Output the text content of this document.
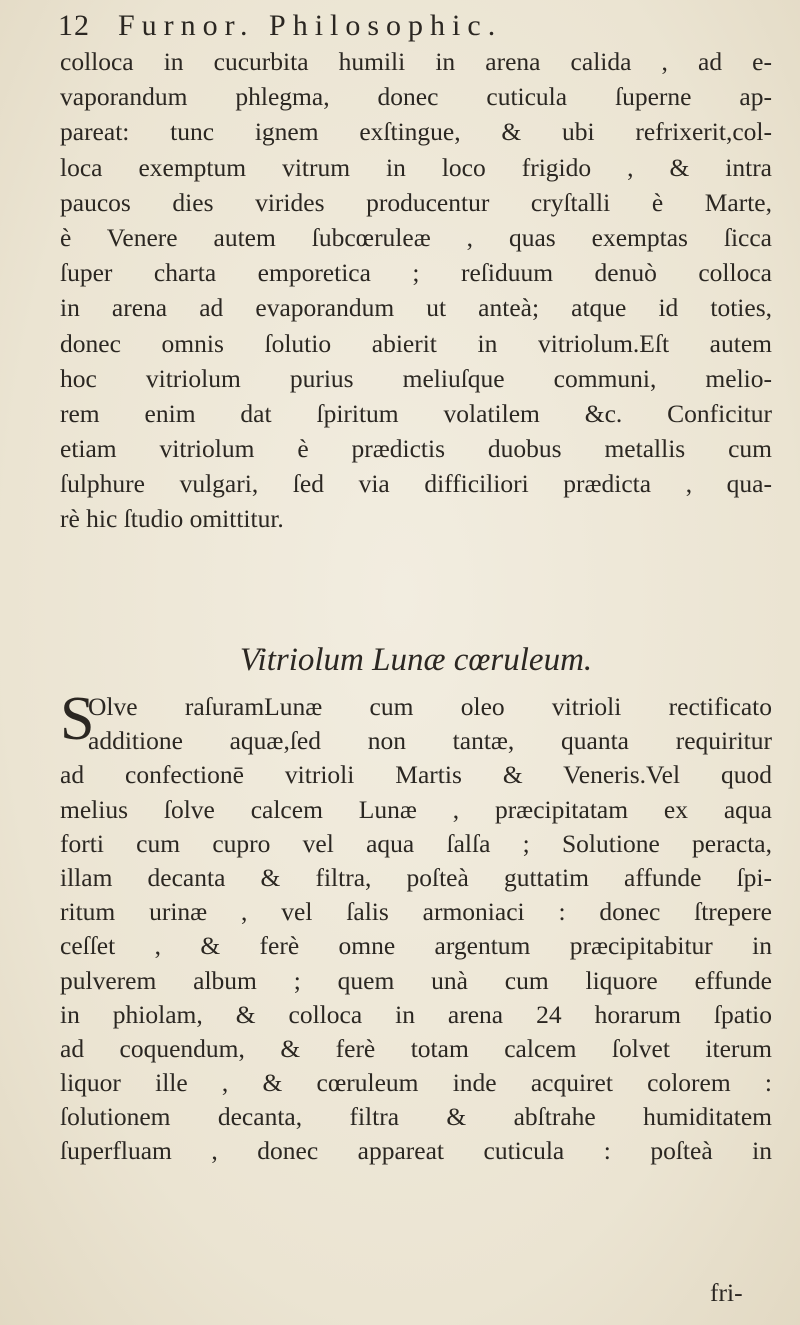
12 Furnor. Philosophic.
colloca in cucurbita humili in arena calida , ad e-
vaporandum phlegma, donec cuticula ſuperne ap-
pareat: tunc ignem exſtingue, & ubi refrixerit,col-
loca exemptum vitrum in loco frigido , & intra
paucos dies virides producentur cryſtalli è Marte,
è Venere autem ſubcœruleæ , quas exemptas ſicca
ſuper charta emporetica ; reſiduum denuò colloca
in arena ad evaporandum ut anteà; atque id toties,
donec omnis ſolutio abierit in vitriolum.Eſt autem
hoc vitriolum purius meliuſque communi, melio-
rem enim dat ſpiritum volatilem &c. Conficitur
etiam vitriolum è prædictis duobus metallis cum
ſulphure vulgari, ſed via difficiliori prædicta , qua-
rè hic ſtudio omittitur.
Vitriolum Lunæ cœruleum.
S
Olve raſuramLunæ cum oleo vitrioli rectificato
additione aquæ,ſed non tantæ, quanta requiritur
ad confectionē vitrioli Martis & Veneris.Vel quod
melius ſolve calcem Lunæ , præcipitatam ex aqua
forti cum cupro vel aqua ſalſa ; Solutione peracta,
illam decanta & filtra, poſteà guttatim affunde ſpi-
ritum urinæ , vel ſalis armoniaci : donec ſtrepere
ceſſet , & ferè omne argentum præcipitabitur in
pulverem album ; quem unà cum liquore effunde
in phiolam, & colloca in arena 24 horarum ſpatio
ad coquendum, & ferè totam calcem ſolvet iterum
liquor ille , & cœruleum inde acquiret colorem :
ſolutionem decanta, filtra & abſtrahe humiditatem
ſuperfluam , donec appareat cuticula : poſteà in
fri-
